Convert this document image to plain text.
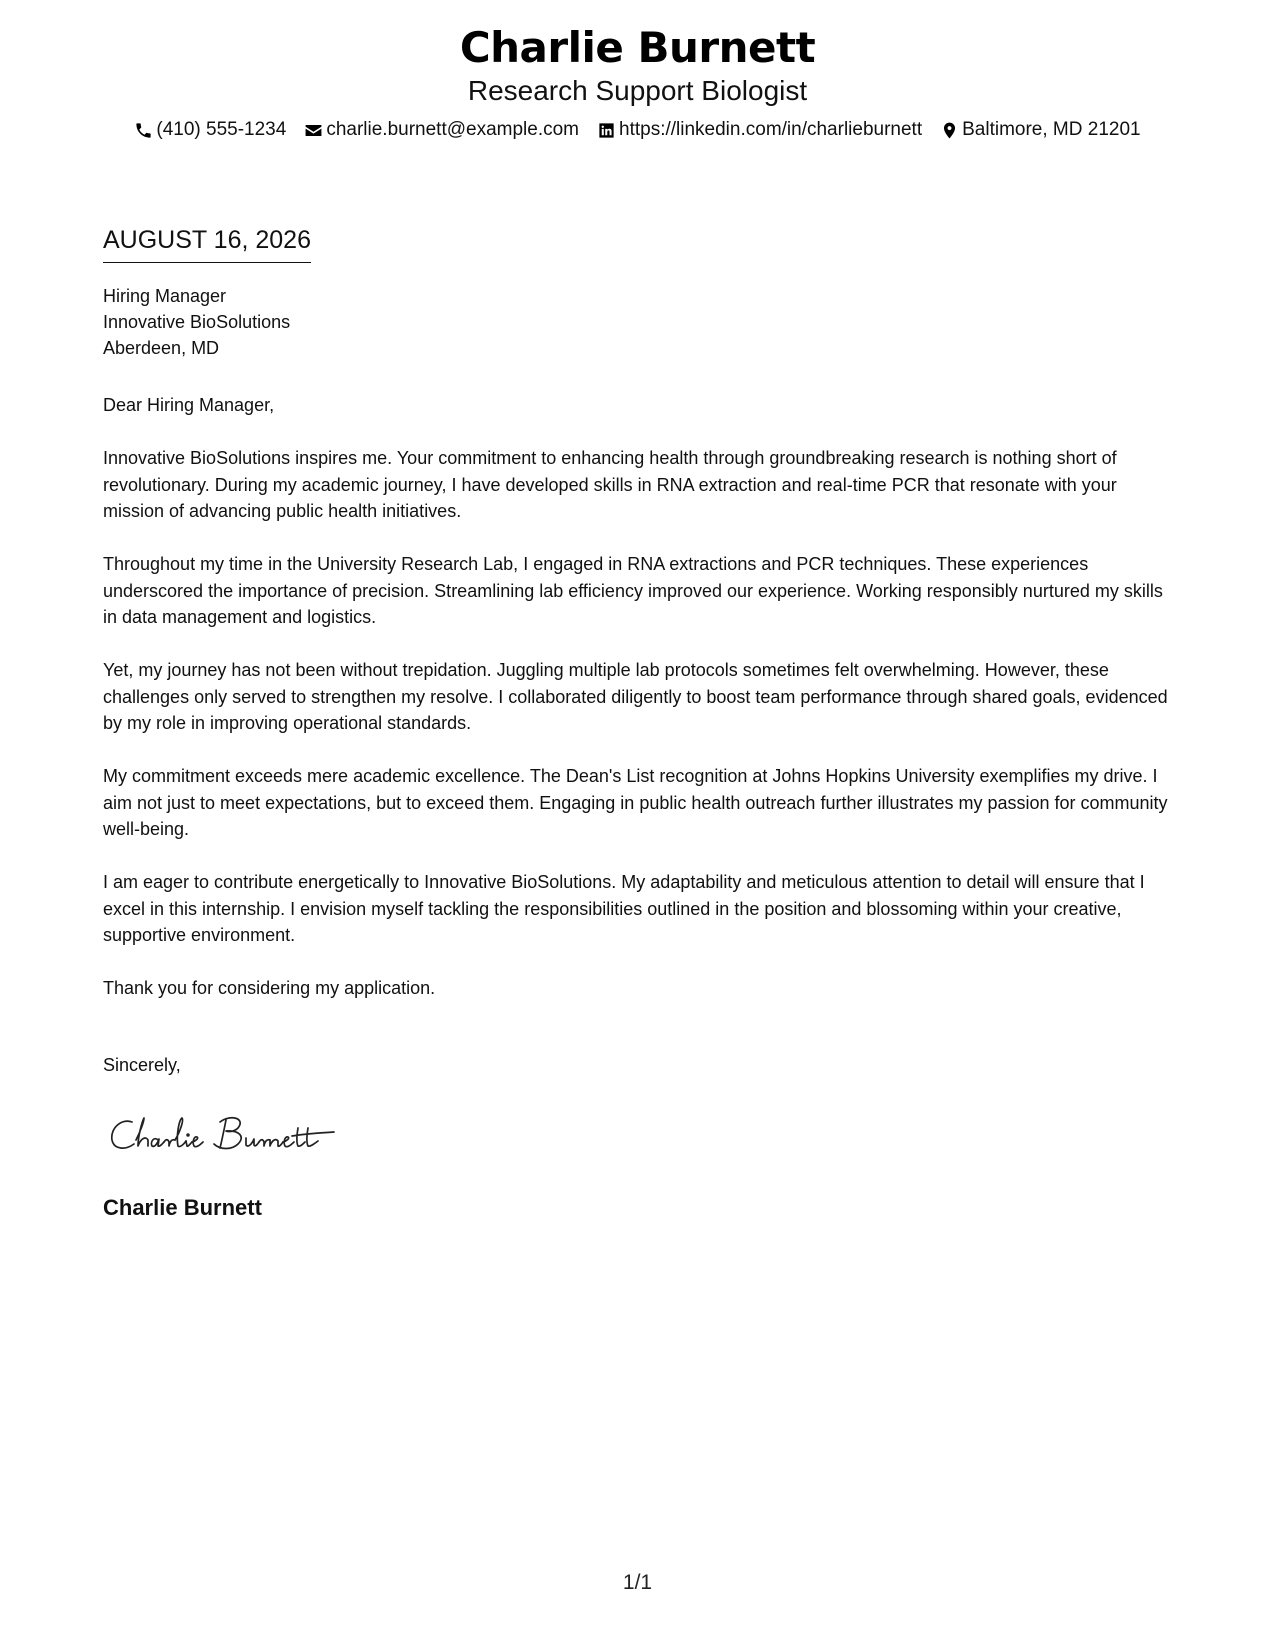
Charlie Burnett
Research Support Biologist
(410) 555-1234 charlie.burnett@example.com https://linkedin.com/in/charlieburnett Baltimore, MD 21201
AUGUST 16, 2026
Hiring Manager
Innovative BioSolutions
Aberdeen, MD

Dear Hiring Manager,

Innovative BioSolutions inspires me. Your commitment to enhancing health through groundbreaking research is nothing short of revolutionary. During my academic journey, I have developed skills in RNA extraction and real-time PCR that resonate with your mission of advancing public health initiatives.

Throughout my time in the University Research Lab, I engaged in RNA extractions and PCR techniques. These experiences underscored the importance of precision. Streamlining lab efficiency improved our experience. Working responsibly nurtured my skills in data management and logistics.

Yet, my journey has not been without trepidation. Juggling multiple lab protocols sometimes felt overwhelming. However, these challenges only served to strengthen my resolve. I collaborated diligently to boost team performance through shared goals, evidenced by my role in improving operational standards.

My commitment exceeds mere academic excellence. The Dean's List recognition at Johns Hopkins University exemplifies my drive. I aim not just to meet expectations, but to exceed them. Engaging in public health outreach further illustrates my passion for community well-being.

I am eager to contribute energetically to Innovative BioSolutions. My adaptability and meticulous attention to detail will ensure that I excel in this internship. I envision myself tackling the responsibilities outlined in the position and blossoming within your creative, supportive environment.

Thank you for considering my application.

Sincerely,
Charlie Burnett
1/1
